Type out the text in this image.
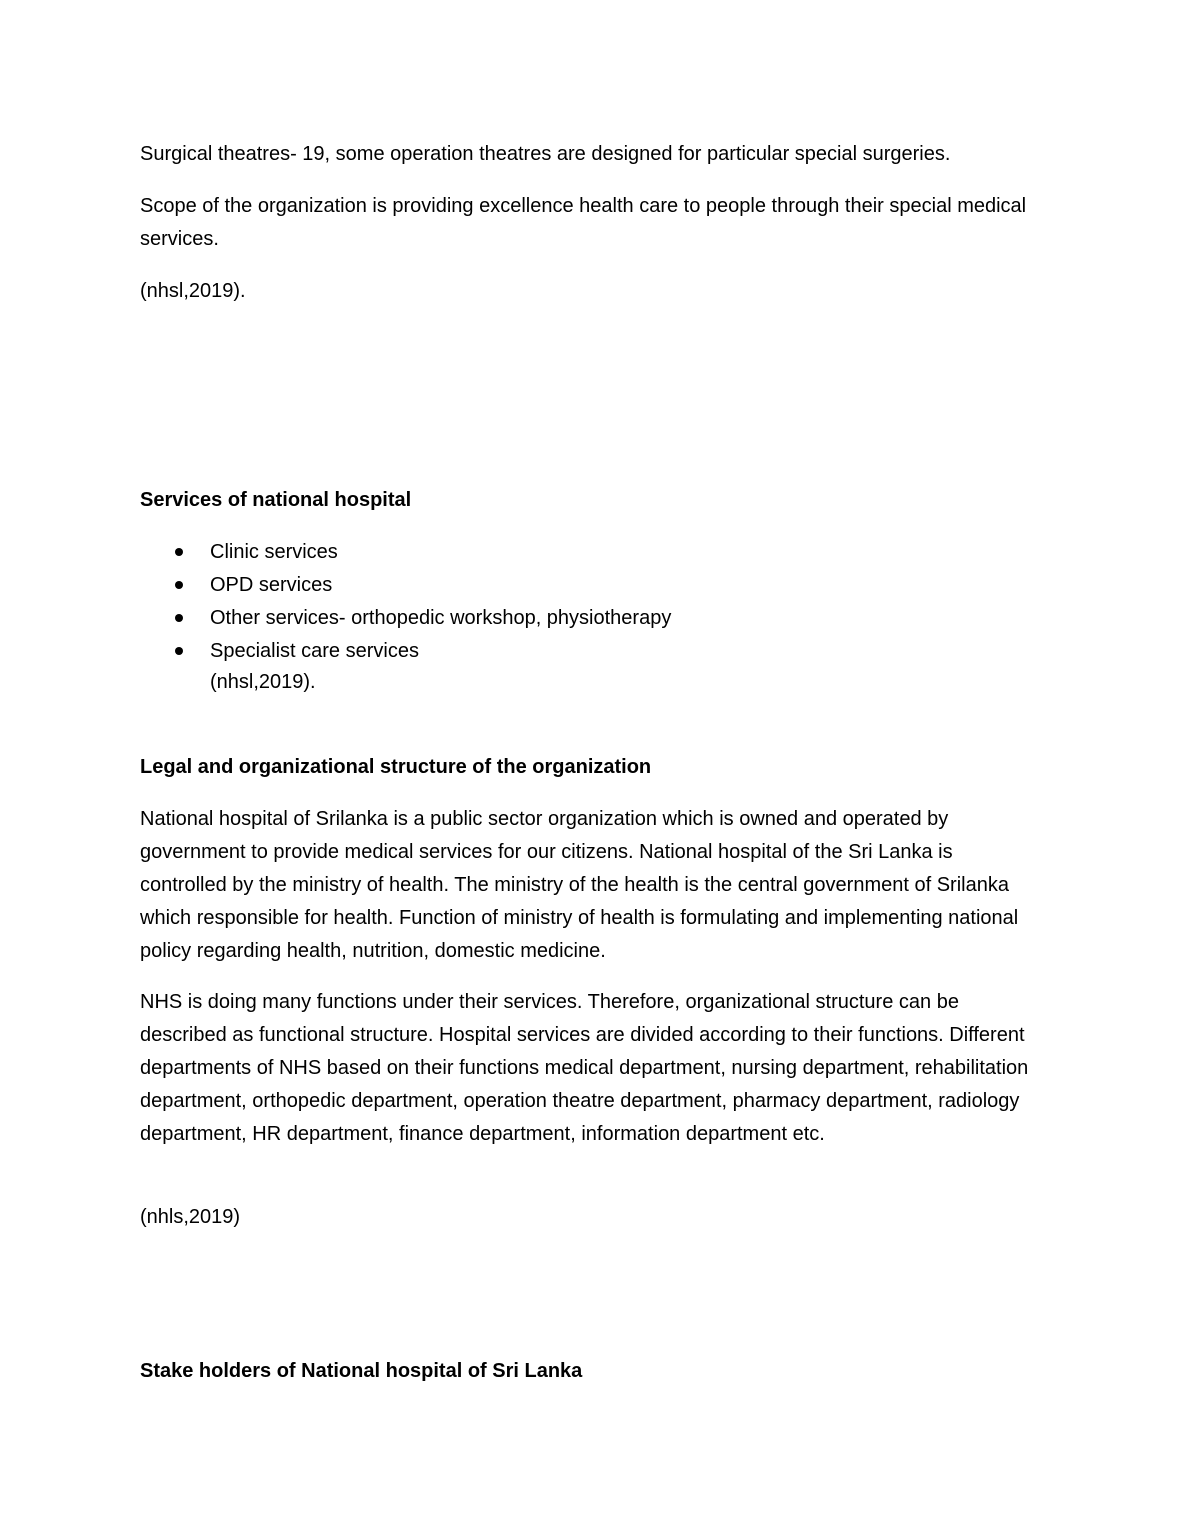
Surgical theatres- 19, some operation theatres are designed for particular special surgeries.

Scope of the organization is providing excellence health care to people through their special medical services.

(nhsl,2019).

Services of national hospital
Clinic services
OPD services
Other services- orthopedic workshop, physiotherapy
Specialist care services

(nhsl,2019).

Legal and organizational structure of the organization

National hospital of Srilanka is a public sector organization which is owned and operated by government to provide medical services for our citizens. National hospital of the Sri Lanka is controlled by the ministry of health. The ministry of the health is the central government of Srilanka which responsible for health. Function of ministry of health is formulating and implementing national policy regarding health, nutrition, domestic medicine.

NHS is doing many functions under their services. Therefore, organizational structure can be described as functional structure. Hospital services are divided according to their functions. Different departments of NHS based on their functions medical department, nursing department, rehabilitation department, orthopedic department, operation theatre department, pharmacy department, radiology department, HR department, finance department, information department etc.

(nhls,2019)

Stake holders of National hospital of Sri Lanka
